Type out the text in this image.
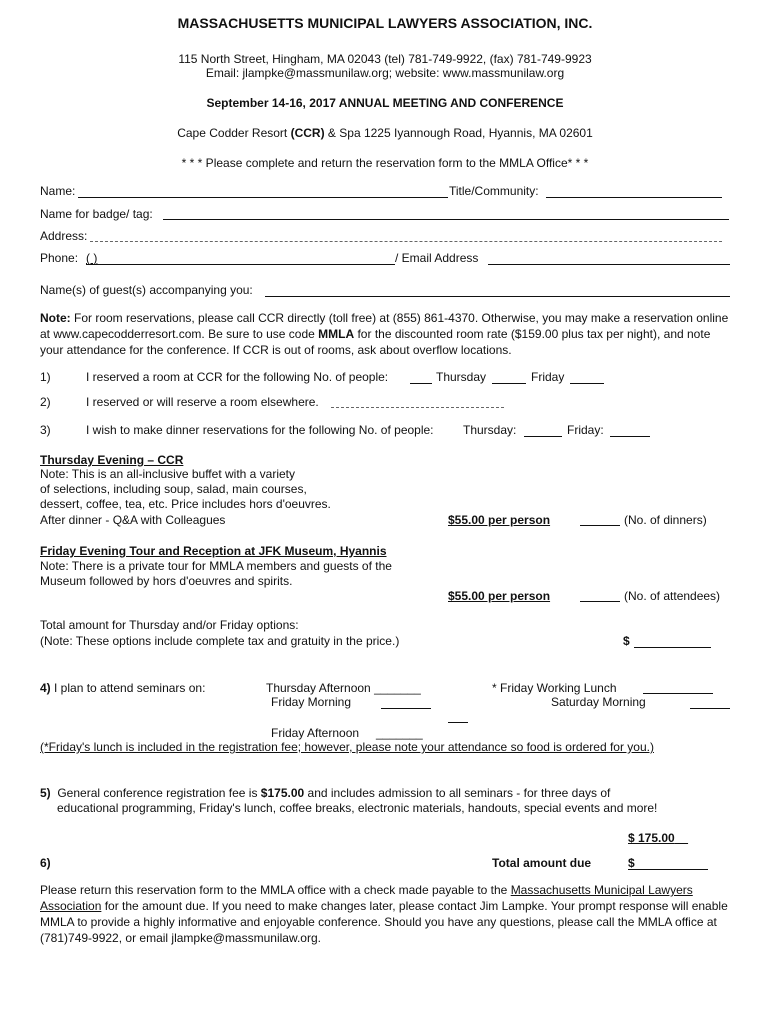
MASSACHUSETTS MUNICIPAL LAWYERS ASSOCIATION, INC.
115 North Street, Hingham, MA 02043 (tel) 781-749-9922, (fax) 781-749-9923
Email: jlampke@massmunilaw.org; website: www.massmunilaw.org
September 14-16, 2017 ANNUAL MEETING AND CONFERENCE
Cape Codder Resort (CCR) & Spa 1225 Iyannough Road, Hyannis, MA 02601
* * * Please complete and return the reservation form to the MMLA Office* * *
Name:	Title/Community:
Name for badge/ tag:
Address:
Phone: ( )	/ Email Address
Name(s) of guest(s) accompanying you:
Note: For room reservations, please call CCR directly (toll free) at (855) 861-4370. Otherwise, you may make a reservation online at www.capecodderresort.com. Be sure to use code MMLA for the discounted room rate ($159.00 plus tax per night), and note your attendance for the conference. If CCR is out of rooms, ask about overflow locations.
1)	I reserved a room at CCR for the following No. of people:	Thursday	Friday
2)	I reserved or will reserve a room elsewhere.
3)	I wish to make dinner reservations for the following No. of people: Thursday:	Friday:
Thursday Evening – CCR
Note: This is an all-inclusive buffet with a variety
of selections, including soup, salad, main courses,
dessert, coffee, tea, etc. Price includes hors d'oeuvres.
After dinner - Q&A with Colleagues	$55.00 per person	(No. of dinners)
Friday Evening Tour and Reception at JFK Museum, Hyannis
Note: There is a private tour for MMLA members and guests of the
Museum followed by hors d'oeuvres and spirits.
$55.00 per person	(No. of attendees)
Total amount for Thursday and/or Friday options:
(Note: These options include complete tax and gratuity in the price.)	$
4) I plan to attend seminars on:	Thursday Afternoon _______	* Friday Working Lunch
Friday Morning	Saturday Morning
Friday Afternoon _______
(*Friday's lunch is included in the registration fee; however, please note your attendance so food is ordered for you.)
5) General conference registration fee is $175.00 and includes admission to all seminars - for three days of
educational programming, Friday's lunch, coffee breaks, electronic materials, handouts, special events and more!
$ 175.00
6)	Total amount due	$
Please return this reservation form to the MMLA office with a check made payable to the Massachusetts Municipal Lawyers Association for the amount due. If you need to make changes later, please contact Jim Lampke. Your prompt response will enable MMLA to provide a highly informative and enjoyable conference. Should you have any questions, please call the MMLA office at (781)749-9922, or email jlampke@massmunilaw.org.
